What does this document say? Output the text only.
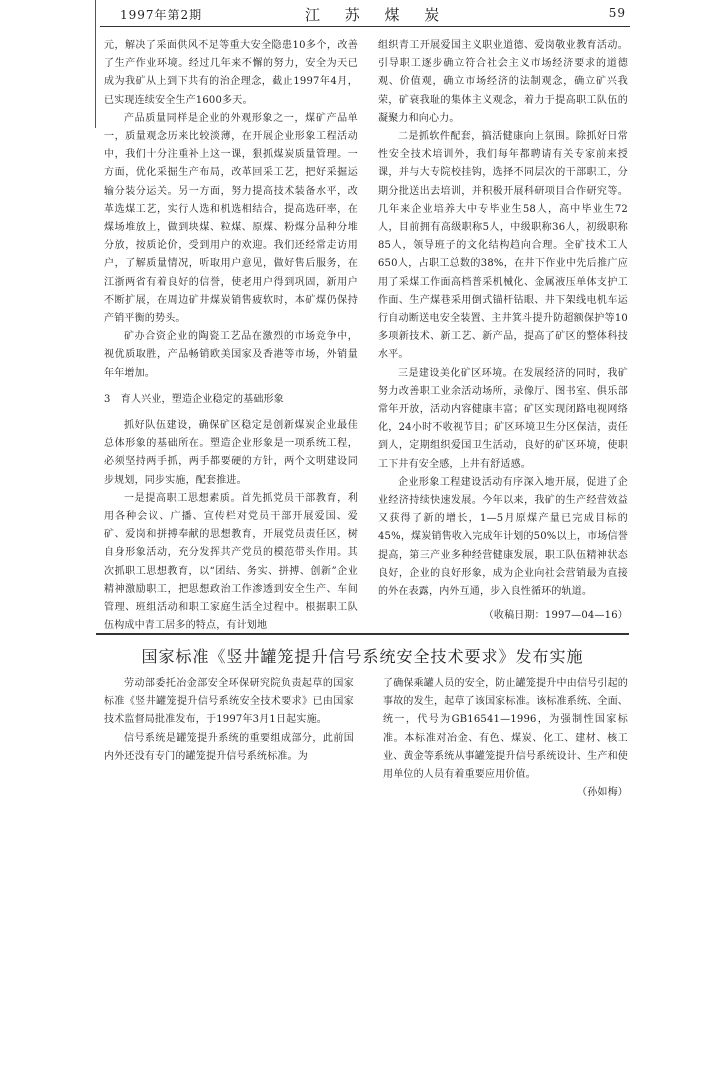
1997年第2期	江 苏 煤 炭	59

元，解决了采面供风不足等重大安全隐患10多个，改善了生产作业环境。经过几年来不懈的努力，安全为天已成为我矿从上到下共有的治企理念，截止1997年4月，已实现连续安全生产1600多天。

产品质量同样是企业的外观形象之一，煤矿产品单一，质量观念历来比较淡薄，在开展企业形象工程活动中，我们十分注重补上这一课，狠抓煤炭质量管理。一方面，优化采掘生产布局，改革回采工艺，把好采掘运输分装分运关。另一方面，努力提高技术装备水平，改革选煤工艺，实行人选和机选相结合，提高选矸率，在煤场堆放上，做到块煤、粒煤、原煤、粉煤分品种分堆分放，按质论价，受到用户的欢迎。我们还经常走访用户，了解质量情况，听取用户意见，做好售后服务，在江浙两省有着良好的信誉，使老用户得到巩固，新用户不断扩展，在周边矿井煤炭销售疲软时，本矿煤仍保持产销平衡的势头。

矿办合资企业的陶瓷工艺品在激烈的市场竞争中，视优质取胜，产品畅销欧美国家及香港等市场，外销量年年增加。

3　育人兴业，塑造企业稳定的基础形象

抓好队伍建设，确保矿区稳定是创新煤炭企业最佳总体形象的基础所在。塑造企业形象是一项系统工程，必须坚持两手抓，两手都要硬的方针，两个文明建设同步规划，同步实施，配套推进。

一是提高职工思想素质。首先抓党员干部教育，利用各种会议、广播、宣传栏对党员干部开展爱国、爱矿、爱岗和拼搏奉献的思想教育，开展党员责任区，树自身形象活动，充分发挥共产党员的模范带头作用。其次抓职工思想教育，以“团结、务实、拼搏、创新”企业精神激励职工，把思想政治工作渗透到安全生产、车间管理、班组活动和职工家庭生活全过程中。根据职工队伍构成中青工居多的特点，有计划地

组织青工开展爱国主义职业道德、爱岗敬业教育活动。引导职工逐步确立符合社会主义市场经济要求的道德观、价值观，确立市场经济的法制观念，确立矿兴我荣，矿衰我耻的集体主义观念，着力于提高职工队伍的凝聚力和向心力。

二是抓软件配套，搞活健康向上氛围。除抓好日常性安全技术培训外，我们每年都聘请有关专家前来授课，并与大专院校挂钩，选择不同层次的干部职工，分期分批送出去培训，并积极开展科研项目合作研究等。几年来企业培养大中专毕业生58人，高中毕业生72人，目前拥有高级职称5人，中级职称36人，初级职称85人，领导班子的文化结构趋向合理。全矿技术工人650人，占职工总数的38%，在井下作业中先后推广应用了采煤工作面高档普采机械化、金属液压单体支护工作面、生产煤巷采用倒式锚杆钻眼、井下架线电机车运行自动断送电安全装置、主井箕斗提升防超额保护等10多项新技术、新工艺、新产品，提高了矿区的整体科技水平。

三是建设美化矿区环境。在发展经济的同时，我矿努力改善职工业余活动场所，录像厅、图书室、俱乐部常年开放，活动内容健康丰富；矿区实现闭路电视网络化，24小时不收视节目；矿区环境卫生分区保洁，责任到人，定期组织爱国卫生活动，良好的矿区环境，使职工下井有安全感，上井有舒适感。

企业形象工程建设活动有序深入地开展，促进了企业经济持续快速发展。今年以来，我矿的生产经营效益又获得了新的增长，1—5月原煤产量已完成目标的45%，煤炭销售收入完成年计划的50%以上，市场信誉提高，第三产业多种经营健康发展，职工队伍精神状态良好，企业的良好形象，成为企业向社会营销最为直接的外在表露，内外互通，步入良性循环的轨道。

（收稿日期：1997—04—16）

国家标准《竖井罐笼提升信号系统安全技术要求》发布实施

劳动部委托冶金部安全环保研究院负责起草的国家标准《竖井罐笼提升信号系统安全技术要求》已由国家技术监督局批准发布，于1997年3月1日起实施。

信号系统是罐笼提升系统的重要组成部分，此前国内外还没有专门的罐笼提升信号系统标准。为

了确保乘罐人员的安全，防止罐笼提升中由信号引起的事故的发生，起草了该国家标准。该标准系统、全面、统一，代号为GB16541—1996，为强制性国家标准。本标准对冶金、有色、煤炭、化工、建材、核工业、黄金等系统从事罐笼提升信号系统设计、生产和使用单位的人员有着重要应用价值。

（孙如梅）
